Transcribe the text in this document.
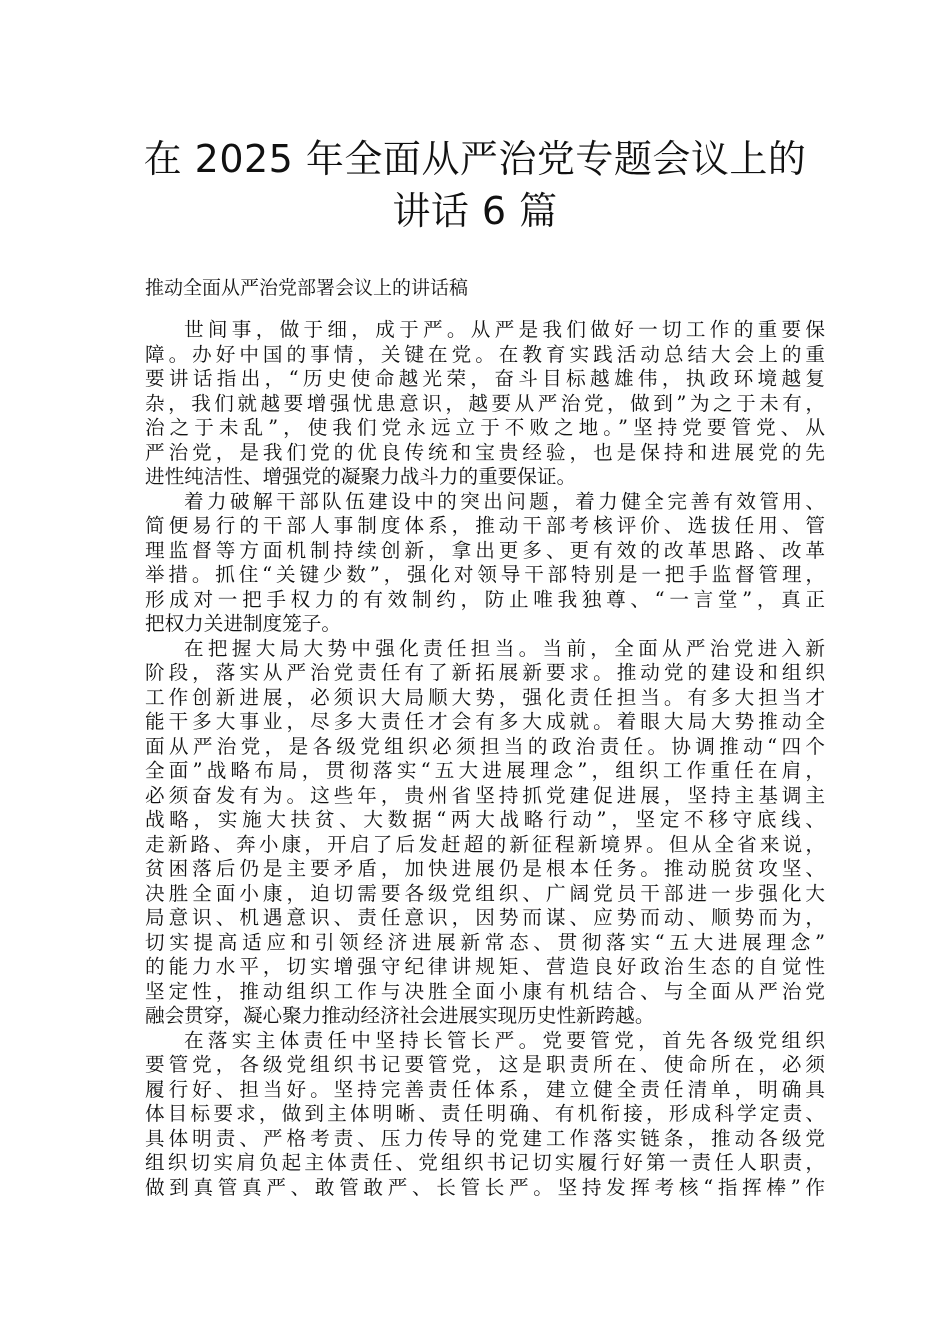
在 2025 年全面从严治党专题会议上的
讲话 6 篇

推动全面从严治党部署会议上的讲话稿

世间事，做于细，成于严。从严是我们做好一切工作的重要保
障。办好中国的事情，关键在党。在教育实践活动总结大会上的重
要讲话指出，“历史使命越光荣，奋斗目标越雄伟，执政环境越复
杂，我们就越要增强忧患意识，越要从严治党，做到”为之于未有，
治之于未乱”，使我们党永远立于不败之地。”坚持党要管党、从
严治党，是我们党的优良传统和宝贵经验，也是保持和进展党的先
进性纯洁性、增强党的凝聚力战斗力的重要保证。
着力破解干部队伍建设中的突出问题，着力健全完善有效管用、
简便易行的干部人事制度体系，推动干部考核评价、选拔任用、管
理监督等方面机制持续创新，拿出更多、更有效的改革思路、改革
举措。抓住“关键少数”，强化对领导干部特别是一把手监督管理，
形成对一把手权力的有效制约，防止唯我独尊、“一言堂”，真正
把权力关进制度笼子。
在把握大局大势中强化责任担当。当前，全面从严治党进入新
阶段，落实从严治党责任有了新拓展新要求。推动党的建设和组织
工作创新进展，必须识大局顺大势，强化责任担当。有多大担当才
能干多大事业，尽多大责任才会有多大成就。着眼大局大势推动全
面从严治党，是各级党组织必须担当的政治责任。协调推动“四个
全面”战略布局，贯彻落实“五大进展理念”，组织工作重任在肩，
必须奋发有为。这些年，贵州省坚持抓党建促进展，坚持主基调主
战略，实施大扶贫、大数据“两大战略行动”，坚定不移守底线、
走新路、奔小康，开启了后发赶超的新征程新境界。但从全省来说，
贫困落后仍是主要矛盾，加快进展仍是根本任务。推动脱贫攻坚、
决胜全面小康，迫切需要各级党组织、广阔党员干部进一步强化大
局意识、机遇意识、责任意识，因势而谋、应势而动、顺势而为，
切实提高适应和引领经济进展新常态、贯彻落实“五大进展理念”
的能力水平，切实增强守纪律讲规矩、营造良好政治生态的自觉性
坚定性，推动组织工作与决胜全面小康有机结合、与全面从严治党
融会贯穿，凝心聚力推动经济社会进展实现历史性新跨越。
在落实主体责任中坚持长管长严。党要管党，首先各级党组织
要管党，各级党组织书记要管党，这是职责所在、使命所在，必须
履行好、担当好。坚持完善责任体系，建立健全责任清单，明确具
体目标要求，做到主体明晰、责任明确、有机衔接，形成科学定责、
具体明责、严格考责、压力传导的党建工作落实链条，推动各级党
组织切实肩负起主体责任、党组织书记切实履行好第一责任人职责，
做到真管真严、敢管敢严、长管长严。坚持发挥考核“指挥棒”作
